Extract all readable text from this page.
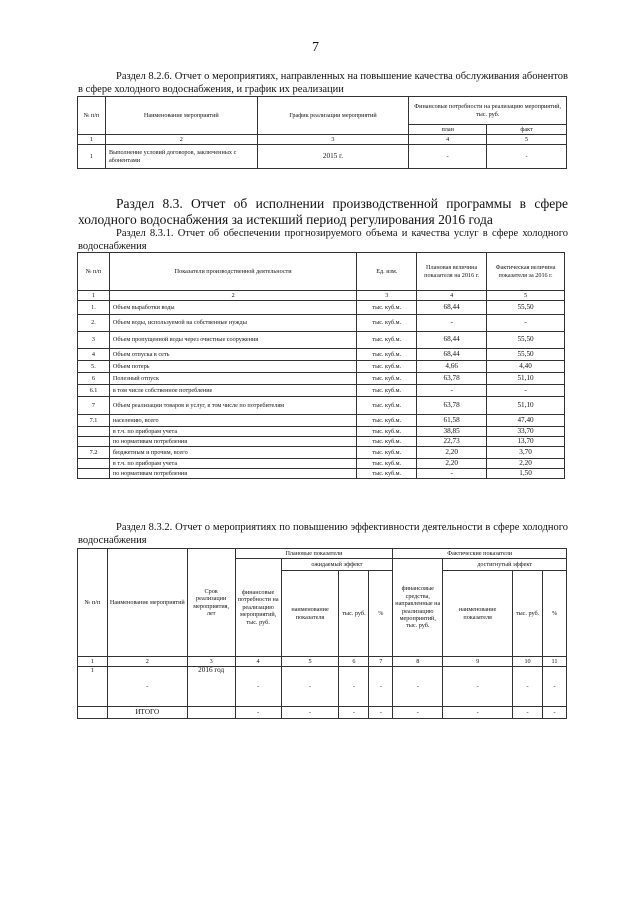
7
Раздел 8.2.6. Отчет о мероприятиях, направленных на повышение качества обслуживания абонентов в сфере холодного водоснабжения, и график их реализации
№ п/п	Наименование мероприятий	График реализации мероприятий	Финансовые потребности на реализацию мероприятий, тыс. руб.	
			план	факт
1	2	3	4	5
1	Выполнение условий договоров, заключенных с абонентами	2015 г.	-	-
Раздел 8.3. Отчет об исполнении производственной программы в сфере холодного водоснабжения за истекший период регулирования 2016 года
Раздел 8.3.1. Отчет об обеспечении прогнозируемого объема и качества услуг в сфере холодного водоснабжения
№ п/п	Показатели производственной деятельности	Ед. изм.	Плановая величина показателя на 2016 г.	Фактическая величина показателя за 2016 г.
1	2	3	4	5
1.	Объем выработки воды	тыс. куб.м.	68,44	55,50
2.	Объем воды, используемой на собственные нужды	тыс. куб.м.	-	-
3	Объем пропущенной воды через очистные сооружения	тыс. куб.м.	68,44	55,50
4	Объем отпуска в сеть	тыс. куб.м.	68,44	55,50
5.	Объем потерь	тыс. куб.м.	4,66	4,40
6	Полезный отпуск	тыс. куб.м.	63,78	51,10
6.1	в том числе собственное потребление	тыс. куб.м.	-	-
7	Объем реализации товаров и услуг, в том числе по потребителям	тыс. куб.м.	63,78	51,10
7.1	населению, всего	тыс. куб.м.	61,58	47,40
	в т.ч. по приборам учета	тыс. куб.м.	38,85	33,70
	по нормативам потребления	тыс. куб.м.	22,73	13,70
7.2	бюджетным и прочим, всего	тыс. куб.м.	2,20	3,70
	в т.ч. по приборам учета	тыс. куб.м.	2,20	2,20
	по нормативам потребления	тыс. куб.м.	-	1,50
Раздел 8.3.2. Отчет о мероприятиях по повышению эффективности деятельности в сфере холодного водоснабжения
№ п/п	Наименование мероприятий	Срок реализации мероприятия, лет	Плановые показатели				Фактические показатели			
			финансовые потребности на реализацию мероприятий, тыс. руб.	ожидаемый эффект			финансовые средства, направленные на реализацию мероприятий, тыс. руб.	достигнутый эффект		
				наименование показателя	тыс. руб.	%		наименование показателя	тыс. руб.	%
1	2	3	4	5	6	7	8	9	10	11
1	-	2016 год	-	-	-	-	-	-	-	-
	ИТОГО		-	-	-	-	-	-	-	-
